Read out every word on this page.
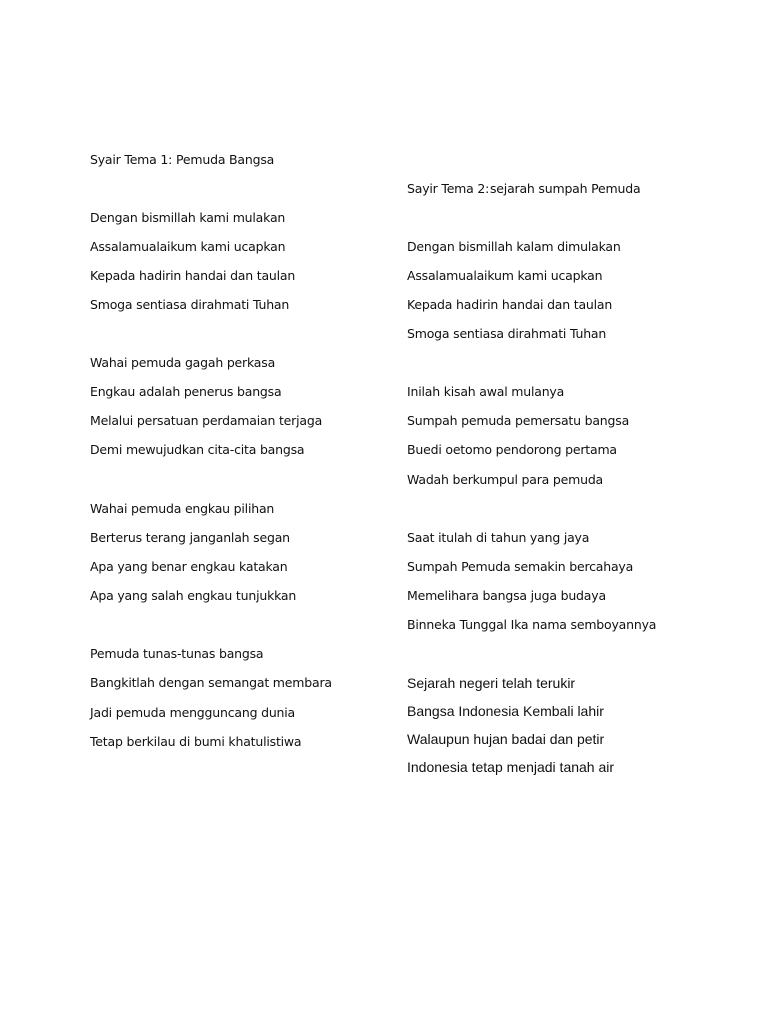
Syair Tema 1: Pemuda Bangsa
Dengan bismillah kami mulakan
Assalamualaikum kami ucapkan
Kepada hadirin handai dan taulan
Smoga sentiasa dirahmati Tuhan
Wahai pemuda gagah perkasa
Engkau adalah penerus bangsa
Melalui persatuan perdamaian terjaga
Demi mewujudkan cita-cita bangsa
Wahai pemuda engkau pilihan
Berterus terang janganlah segan
Apa yang benar engkau katakan
Apa yang salah engkau tunjukkan
Pemuda tunas-tunas bangsa
Bangkitlah dengan semangat membara
Jadi pemuda mengguncang dunia
Tetap berkilau di bumi khatulistiwa
Sayir Tema 2: sejarah sumpah Pemuda
Dengan bismillah kalam dimulakan
Assalamualaikum kami ucapkan
Kepada hadirin handai dan taulan
Smoga sentiasa dirahmati Tuhan
Inilah kisah awal mulanya
Sumpah pemuda pemersatu bangsa
Buedi oetomo pendorong pertama
Wadah berkumpul para pemuda
Saat itulah di tahun yang jaya
Sumpah Pemuda semakin bercahaya
Memelihara bangsa juga budaya
Binneka Tunggal Ika nama semboyannya
Sejarah negeri telah terukir
Bangsa Indonesia Kembali lahir
Walaupun hujan badai dan petir
Indonesia tetap menjadi tanah air
